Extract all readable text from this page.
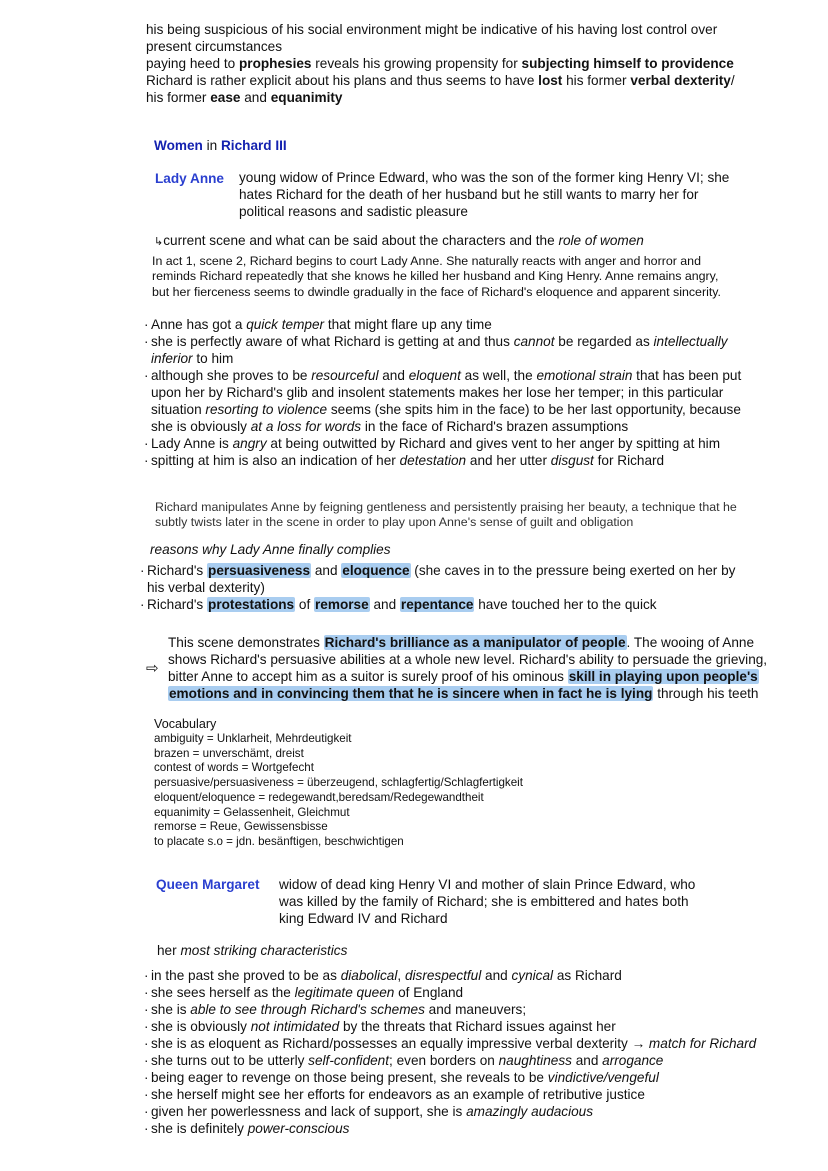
his being suspicious of his social environment might be indicative of his having lost control over
present circumstances
paying heed to prophesies reveals his growing propensity for subjecting himself to providence
Richard is rather explicit about his plans and thus seems to have lost his former verbal dexterity/
his former ease and equanimity
Women in Richard III
Lady Anne young widow of Prince Edward, who was the son of the former king Henry VI; she
hates Richard for the death of her husband but he still wants to marry her for
political reasons and sadistic pleasure
↳current scene and what can be said about the characters and the role of women
In act 1, scene 2, Richard begins to court Lady Anne. She naturally reacts with anger and horror and
reminds Richard repeatedly that she knows he killed her husband and King Henry. Anne remains angry,
but her fierceness seems to dwindle gradually in the face of Richard's eloquence and apparent sincerity.
· Anne has got a quick temper that might flare up any time
· she is perfectly aware of what Richard is getting at and thus cannot be regarded as intellectually
inferior to him
· although she proves to be resourceful and eloquent as well, the emotional strain that has been put
upon her by Richard's glib and insolent statements makes her lose her temper; in this particular
situation resorting to violence seems (she spits him in the face) to be her last opportunity, because
she is obviously at a loss for words in the face of Richard's brazen assumptions
· Lady Anne is angry at being outwitted by Richard and gives vent to her anger by spitting at him
· spitting at him is also an indication of her detestation and her utter disgust for Richard
Richard manipulates Anne by feigning gentleness and persistently praising her beauty, a technique that he
subtly twists later in the scene in order to play upon Anne's sense of guilt and obligation
reasons why Lady Anne finally complies
· Richard's persuasiveness and eloquence (she caves in to the pressure being exerted on her by
his verbal dexterity)
· Richard's protestations of remorse and repentance have touched her to the quick
⇨
This scene demonstrates Richard's brilliance as a manipulator of people. The wooing of Anne
shows Richard's persuasive abilities at a whole new level. Richard's ability to persuade the grieving,
bitter Anne to accept him as a suitor is surely proof of his ominous skill in playing upon people's
emotions and in convincing them that he is sincere when in fact he is lying through his teeth
Vocabulary
ambiguity = Unklarheit, Mehrdeutigkeit
brazen = unverschämt, dreist
contest of words = Wortgefecht
persuasive/persuasiveness = überzeugend, schlagfertig/Schlagfertigkeit
eloquent/eloquence = redegewandt,beredsam/Redegewandtheit
equanimity = Gelassenheit, Gleichmut
remorse = Reue, Gewissensbisse
to placate s.o = jdn. besänftigen, beschwichtigen
Queen Margaret widow of dead king Henry VI and mother of slain Prince Edward, who
was killed by the family of Richard; she is embittered and hates both
king Edward IV and Richard
her most striking characteristics
· in the past she proved to be as diabolical, disrespectful and cynical as Richard
· she sees herself as the legitimate queen of England
· she is able to see through Richard's schemes and maneuvers;
· she is obviously not intimidated by the threats that Richard issues against her
· she is as eloquent as Richard/possesses an equally impressive verbal dexterity → match for Richard
· she turns out to be utterly self-confident; even borders on naughtiness and arrogance
· being eager to revenge on those being present, she reveals to be vindictive/vengeful
· she herself might see her efforts for endeavors as an example of retributive justice
· given her powerlessness and lack of support, she is amazingly audacious
· she is definitely power-conscious
